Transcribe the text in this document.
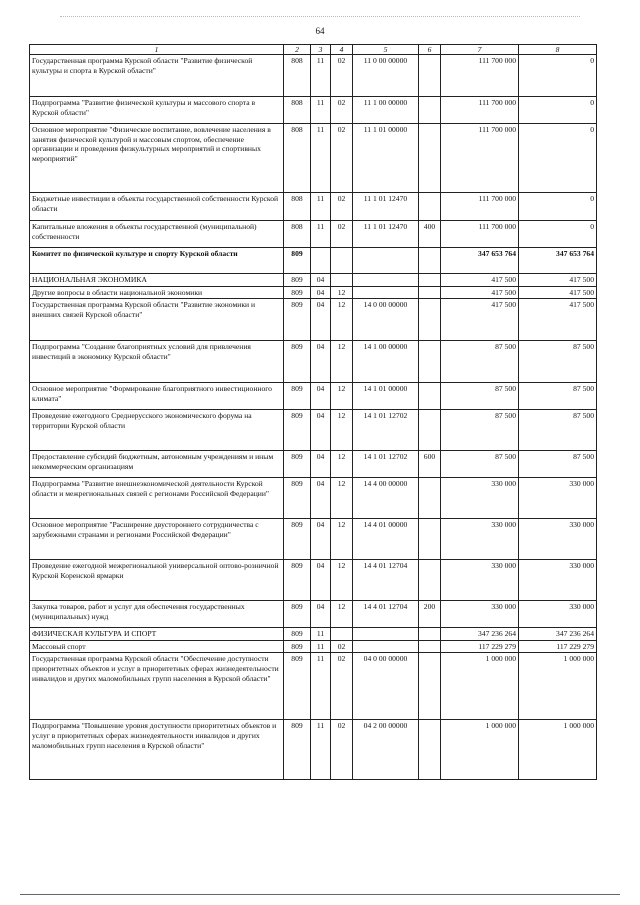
64
1	2	3	4	5	6	7	8
Государственная программа Курской области "Развитие физической культуры и спорта в Курской области"	808	11	02	11 0 00 00000		111 700 000	0
Подпрограмма "Развитие физической культуры и массового спорта в Курской области"	808	11	02	11 1 00 00000		111 700 000	0
Основное мероприятие "Физическое воспитание, вовлечение населения в занятия физической культурой и массовым спортом, обеспечение организации и проведения физкультурных мероприятий и спортивных мероприятий"	808	11	02	11 1 01 00000		111 700 000	0
Бюджетные инвестиции в объекты государственной собственности Курской области	808	11	02	11 1 01 12470		111 700 000	0
Капитальные вложения в объекты государственной (муниципальной) собственности	808	11	02	11 1 01 12470	400	111 700 000	0
Комитет по физической культуре и спорту Курской области	809					347 653 764	347 653 764
НАЦИОНАЛЬНАЯ ЭКОНОМИКА	809	04				417 500	417 500
Другие вопросы в области национальной экономики	809	04	12			417 500	417 500
Государственная программа Курской области "Развитие экономики и внешних связей Курской области"	809	04	12	14 0 00 00000		417 500	417 500
Подпрограмма "Создание благоприятных условий для привлечения инвестиций в экономику Курской области"	809	04	12	14 1 00 00000		87 500	87 500
Основное мероприятие "Формирование благоприятного инвестиционного климата"	809	04	12	14 1 01 00000		87 500	87 500
Проведение ежегодного Среднерусского экономического форума на территории Курской области	809	04	12	14 1 01 12702		87 500	87 500
Предоставление субсидий бюджетным, автономным учреждениям и иным некоммерческим организациям	809	04	12	14 1 01 12702	600	87 500	87 500
Подпрограмма "Развитие внешнеэкономической деятельности Курской области и межрегиональных связей с регионами Российской Федерации"	809	04	12	14 4 00 00000		330 000	330 000
Основное мероприятие "Расширение двустороннего сотрудничества с зарубежными странами и регионами Российской Федерации"	809	04	12	14 4 01 00000		330 000	330 000
Проведение ежегодной межрегиональной универсальной оптово-розничной Курской Коренской ярмарки	809	04	12	14 4 01 12704		330 000	330 000
Закупка товаров, работ и услуг для обеспечения государственных (муниципальных) нужд	809	04	12	14 4 01 12704	200	330 000	330 000
ФИЗИЧЕСКАЯ КУЛЬТУРА И СПОРТ	809	11				347 236 264	347 236 264
Массовый спорт	809	11	02			117 229 279	117 229 279
Государственная программа Курской области "Обеспечение доступности приоритетных объектов и услуг в приоритетных сферах жизнедеятельности инвалидов и других маломобильных групп населения в Курской области"	809	11	02	04 0 00 00000		1 000 000	1 000 000
Подпрограмма "Повышение уровня доступности приоритетных объектов и услуг в приоритетных сферах жизнедеятельности инвалидов и других маломобильных групп населения в Курской области"	809	11	02	04 2 00 00000		1 000 000	1 000 000
